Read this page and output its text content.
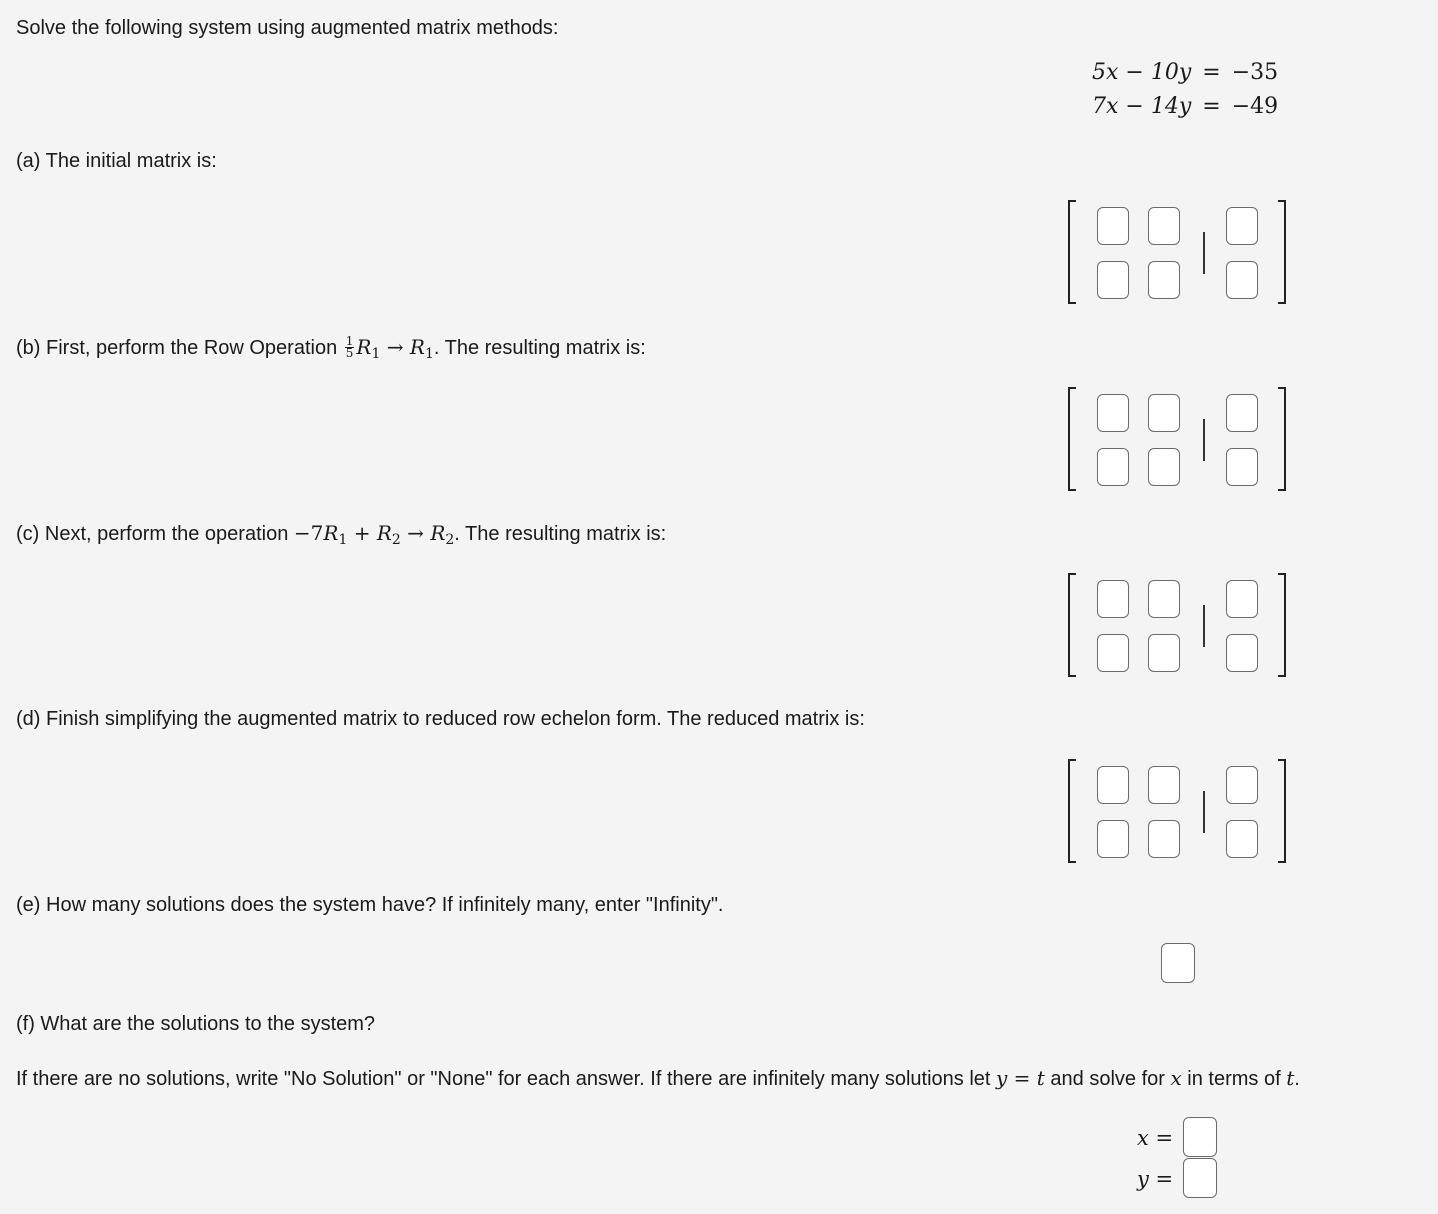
Solve the following system using augmented matrix methods:
5x − 10y = −35
7x − 14y = −49
(a) The initial matrix is:
(b) First, perform the Row Operation $\frac{1}{5} R_1 \to R_1$. The resulting matrix is:
(c) Next, perform the operation $-7R_1 + R_2 \to R_2$. The resulting matrix is:
(d) Finish simplifying the augmented matrix to reduced row echelon form. The reduced matrix is:
(e) How many solutions does the system have? If infinitely many, enter "Infinity".
(f) What are the solutions to the system?
If there are no solutions, write "No Solution" or "None" for each answer. If there are infinitely many solutions let y = t and solve for x in terms of t.
x =
y =
